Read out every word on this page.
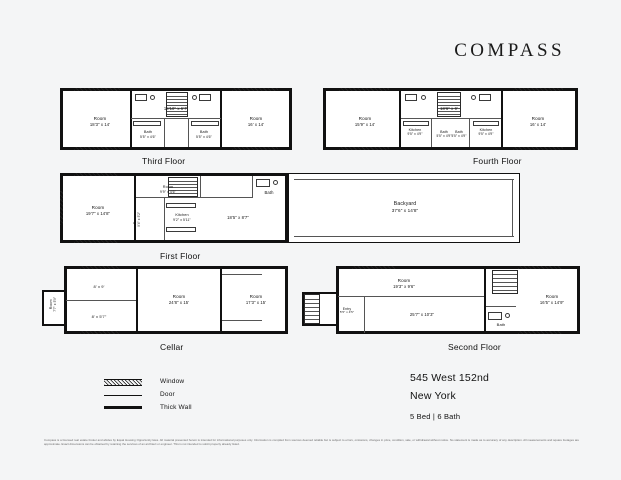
COMPASS
Room
18'3" x 14'
18'10" x 6'7"
Bath
5'5" x 4'6"
Bath
5'5" x 4'6"
Room
16' x 14'
Third Floor
Room
15'9" x 14'
18'6" x 9'
Kitchen
9'5" x 4'9"
Bath
5'5" x 4'9"
Bath
5'5" x 4'9"
Kitchen
9'5" x 4'9"
Room
16' x 14'
Fourth Floor
Room
19'7" x 14'8"
Room
9'9" x 4'6"
Room 9'4" x 5'2"	Kitchen
9'2" x 5'11"
Bath
18'5" x 8'7"
Backyard
37'6" x 14'8"
First Floor
8' x 9'
8' x 5'7"
Room
24'8" x 15'
Room
17'3" x 15'
Room 7'7" x 5'9"
Cellar
Room
19'3" x 9'6"
Entry
5'5" x 4'5"	25'7" x 10'3"
Bath
Room
16'5" x 14'9"
Second Floor
Window
Door
Thick Wall
545 West 152nd
New York
5 Bed | 6 Bath
Compass is a licensed real estate broker and abides by Equal Housing Opportunity laws. All material presented herein is intended for informational purposes only. Information is compiled from sources deemed reliable but is subject to errors, omissions, changes in price, condition, sale, or withdrawal without notice. No statement is made as to accuracy of any description. All measurements and square footages are approximate. Exact dimensions can be obtained by retaining the services of an architect or engineer. This is not intended to solicit property already listed.
